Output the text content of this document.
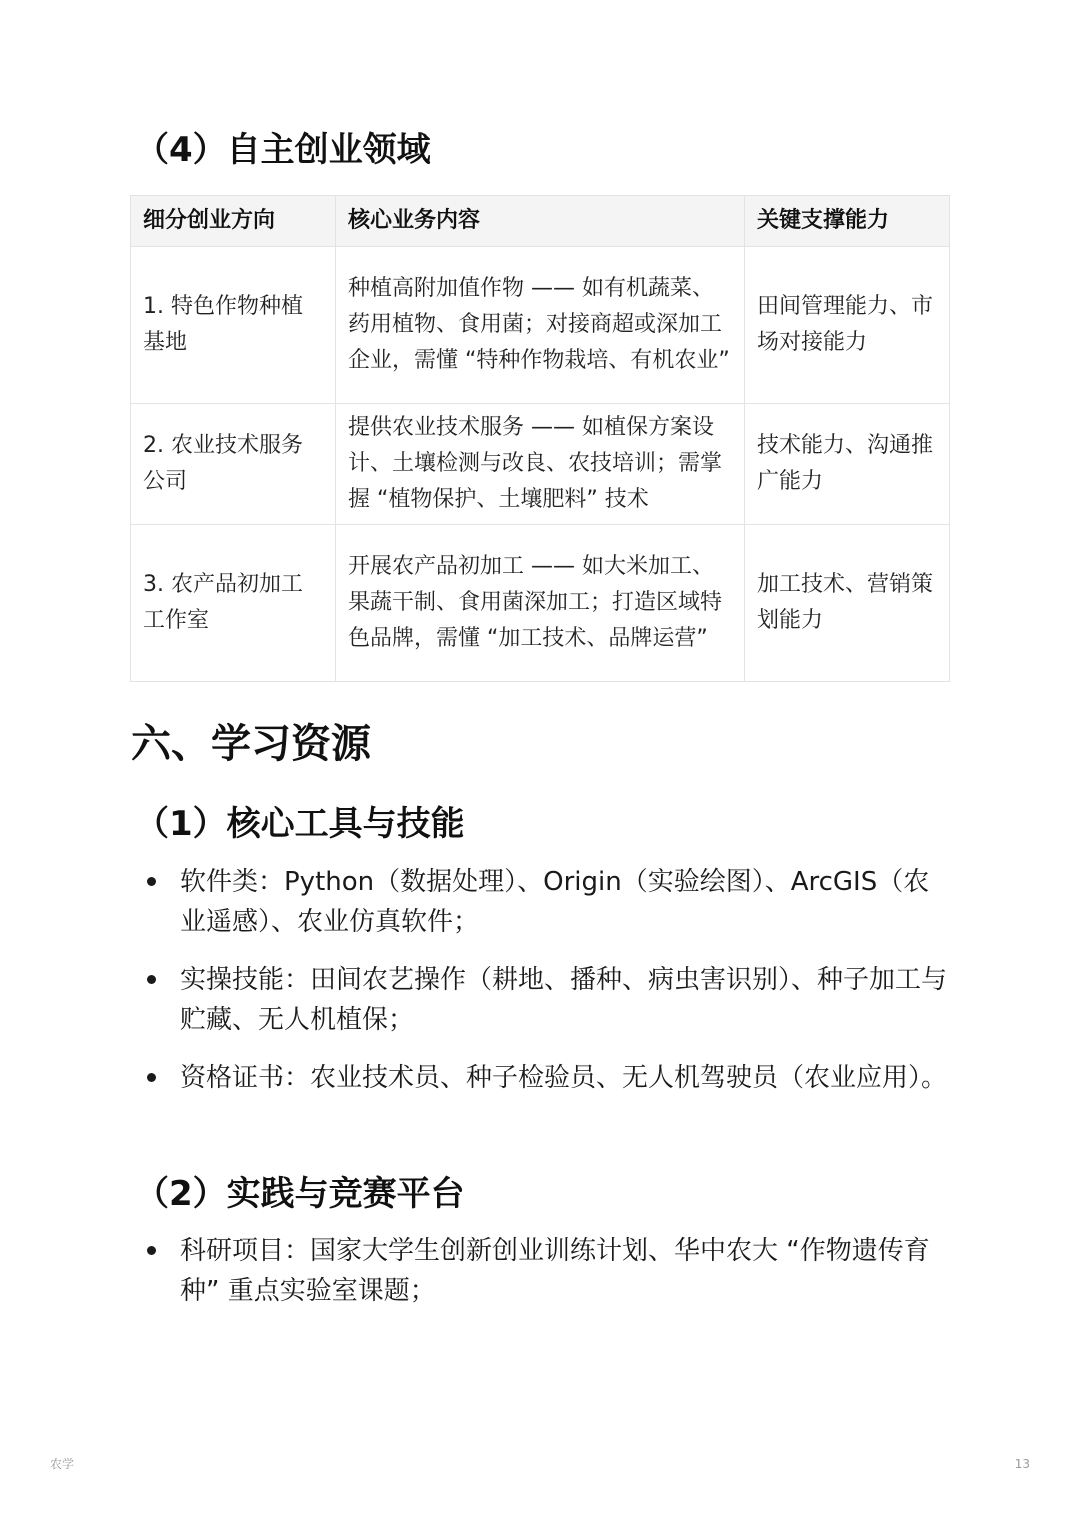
（4）自主创业领域
细分创业方向	核心业务内容	关键支撑能力
1. 特色作物种植基地	种植高附加值作物 —— 如有机蔬菜、药用植物、食用菌；对接商超或深加工企业，需懂 “特种作物栽培、有机农业”	田间管理能力、市场对接能力
2. 农业技术服务公司	提供农业技术服务 —— 如植保方案设计、土壤检测与改良、农技培训；需掌握 “植物保护、土壤肥料” 技术	技术能力、沟通推广能力
3. 农产品初加工工作室	开展农产品初加工 —— 如大米加工、果蔬干制、食用菌深加工；打造区域特色品牌，需懂 “加工技术、品牌运营”	加工技术、营销策划能力
六、学习资源
（1）核心工具与技能
软件类：Python（数据处理）、Origin（实验绘图）、ArcGIS（农业遥感）、农业仿真软件；
实操技能：田间农艺操作（耕地、播种、病虫害识别）、种子加工与贮藏、无人机植保；
资格证书：农业技术员、种子检验员、无人机驾驶员（农业应用）。
（2）实践与竞赛平台
科研项目：国家大学生创新创业训练计划、华中农大 “作物遗传育种” 重点实验室课题；
农学	13
